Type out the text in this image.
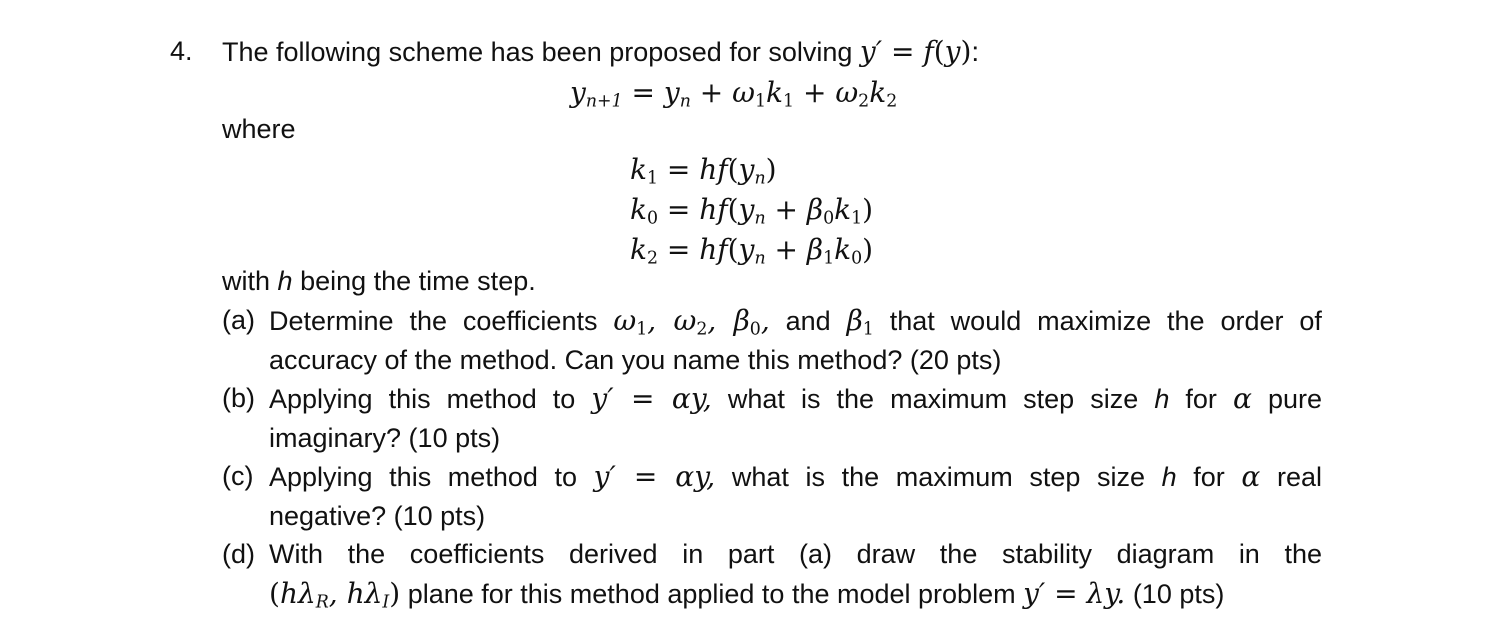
4. The following scheme has been proposed for solving y′ = f(y):
$y_{n+1} = y_n + \omega_1k_1 + \omega_2k_2$
where
$k_1 = hf(y_n)$
$k_0 = hf(y_n + \beta_0k_1)$
$k_2 = hf(y_n + \beta_1k_0)$
with h being the time step.
(a) Determine the coefficients $\omega_1$, $\omega_2$, $\beta_0$, and $\beta_1$ that would maximize the order of
accuracy of the method. Can you name this method? (20 pts)
(b) Applying this method to y′ = αy, what is the maximum step size h for α pure
imaginary? (10 pts)
(c) Applying this method to y′ = αy, what is the maximum step size h for α real
negative? (10 pts)
(d) With the coefficients derived in part (a) draw the stability diagram in the
($h\lambda_R$, $h\lambda_I$) plane for this method applied to the model problem y′ = λy. (10 pts)
